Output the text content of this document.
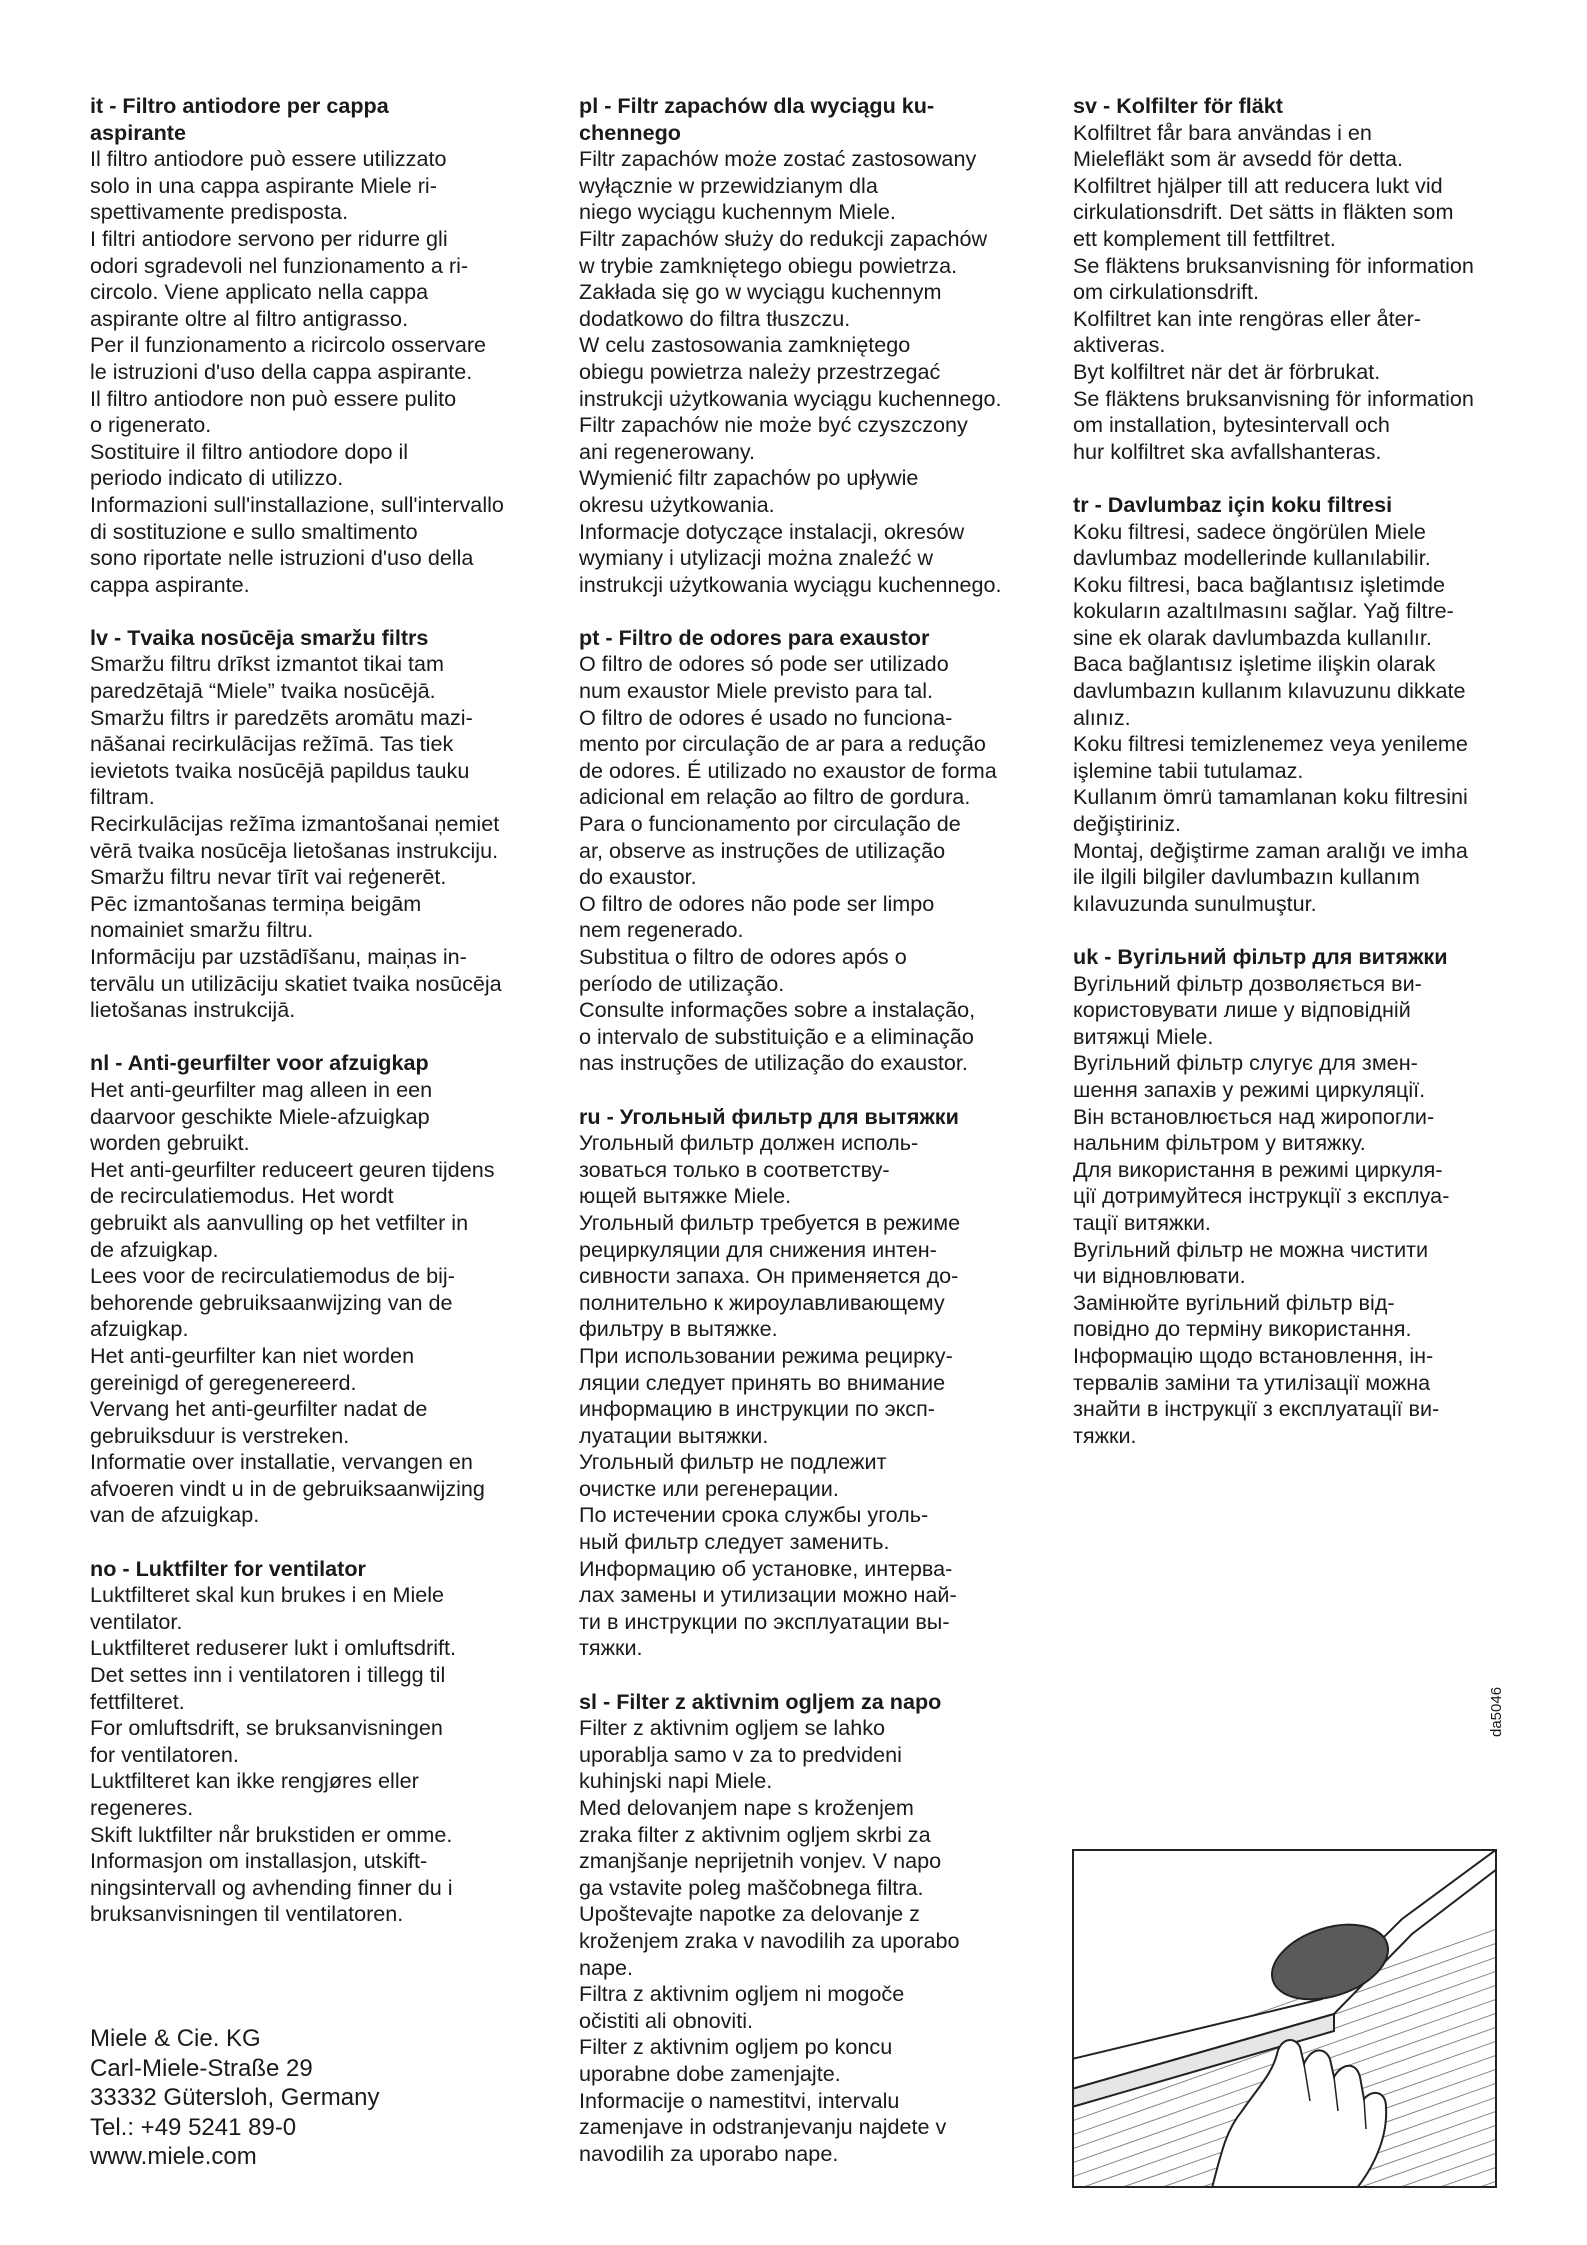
it - Filtro antiodore per cappa
aspirante
Il filtro antiodore può essere utilizzato
solo in una cappa aspirante Miele ri-
spettivamente predisposta.
I filtri antiodore servono per ridurre gli
odori sgradevoli nel funzionamento a ri-
circolo. Viene applicato nella cappa
aspirante oltre al filtro antigrasso.
Per il funzionamento a ricircolo osservare
le istruzioni d'uso della cappa aspirante.
Il filtro antiodore non può essere pulito
o rigenerato.
Sostituire il filtro antiodore dopo il
periodo indicato di utilizzo.
Informazioni sull'installazione, sull'intervallo
di sostituzione e sullo smaltimento
sono riportate nelle istruzioni d'uso della
cappa aspirante.
lv - Tvaika nosūcēja smaržu filtrs
Smaržu filtru drīkst izmantot tikai tam
paredzētajā “Miele” tvaika nosūcējā.
Smaržu filtrs ir paredzēts aromātu mazi-
nāšanai recirkulācijas režīmā. Tas tiek
ievietots tvaika nosūcējā papildus tauku
filtram.
Recirkulācijas režīma izmantošanai ņemiet
vērā tvaika nosūcēja lietošanas instrukciju.
Smaržu filtru nevar tīrīt vai reģenerēt.
Pēc izmantošanas termiņa beigām
nomainiet smaržu filtru.
Informāciju par uzstādīšanu, maiņas in-
tervālu un utilizāciju skatiet tvaika nosūcēja
lietošanas instrukcijā.
nl - Anti-geurfilter voor afzuigkap
Het anti-geurfilter mag alleen in een
daarvoor geschikte Miele-afzuigkap
worden gebruikt.
Het anti-geurfilter reduceert geuren tijdens
de recirculatiemodus. Het wordt
gebruikt als aanvulling op het vetfilter in
de afzuigkap.
Lees voor de recirculatiemodus de bij-
behorende gebruiksaanwijzing van de
afzuigkap.
Het anti-geurfilter kan niet worden
gereinigd of geregenereerd.
Vervang het anti-geurfilter nadat de
gebruiksduur is verstreken.
Informatie over installatie, vervangen en
afvoeren vindt u in de gebruiksaanwijzing
van de afzuigkap.
no - Luktfilter for ventilator
Luktfilteret skal kun brukes i en Miele
ventilator.
Luktfilteret reduserer lukt i omluftsdrift.
Det settes inn i ventilatoren i tillegg til
fettfilteret.
For omluftsdrift, se bruksanvisningen
for ventilatoren.
Luktfilteret kan ikke rengjøres eller
regeneres.
Skift luktfilter når brukstiden er omme.
Informasjon om installasjon, utskift-
ningsintervall og avhending finner du i
bruksanvisningen til ventilatoren.
pl - Filtr zapachów dla wyciągu ku-
chennego
Filtr zapachów może zostać zastosowany
wyłącznie w przewidzianym dla
niego wyciągu kuchennym Miele.
Filtr zapachów służy do redukcji zapachów
w trybie zamkniętego obiegu powietrza.
Zakłada się go w wyciągu kuchennym
dodatkowo do filtra tłuszczu.
W celu zastosowania zamkniętego
obiegu powietrza należy przestrzegać
instrukcji użytkowania wyciągu kuchennego.
Filtr zapachów nie może być czyszczony
ani regenerowany.
Wymienić filtr zapachów po upływie
okresu użytkowania.
Informacje dotyczące instalacji, okresów
wymiany i utylizacji można znaleźć w
instrukcji użytkowania wyciągu kuchennego.
pt - Filtro de odores para exaustor
O filtro de odores só pode ser utilizado
num exaustor Miele previsto para tal.
O filtro de odores é usado no funciona-
mento por circulação de ar para a redução
de odores. É utilizado no exaustor de forma
adicional em relação ao filtro de gordura.
Para o funcionamento por circulação de
ar, observe as instruções de utilização
do exaustor.
O filtro de odores não pode ser limpo
nem regenerado.
Substitua o filtro de odores após o
período de utilização.
Consulte informações sobre a instalação,
o intervalo de substituição e a eliminação
nas instruções de utilização do exaustor.
ru - Угольный фильтр для вытяжки
Угольный фильтр должен исполь-
зоваться только в соответству-
ющей вытяжке Miele.
Угольный фильтр требуется в режиме
рециркуляции для снижения интен-
сивности запаха. Он применяется до-
полнительно к жироулавливающему
фильтру в вытяжке.
При использовании режима рецирку-
ляции следует принять во внимание
информацию в инструкции по эксп-
луатации вытяжки.
Угольный фильтр не подлежит
очистке или регенерации.
По истечении срока службы уголь-
ный фильтр следует заменить.
Информацию об установке, интерва-
лах замены и утилизации можно най-
ти в инструкции по эксплуатации вы-
тяжки.
sl - Filter z aktivnim ogljem za napo
Filter z aktivnim ogljem se lahko
uporablja samo v za to predvideni
kuhinjski napi Miele.
Med delovanjem nape s kroženjem
zraka filter z aktivnim ogljem skrbi za
zmanjšanje neprijetnih vonjev. V napo
ga vstavite poleg maščobnega filtra.
Upoštevajte napotke za delovanje z
kroženjem zraka v navodilih za uporabo
nape.
Filtra z aktivnim ogljem ni mogoče
očistiti ali obnoviti.
Filter z aktivnim ogljem po koncu
uporabne dobe zamenjajte.
Informacije o namestitvi, intervalu
zamenjave in odstranjevanju najdete v
navodilih za uporabo nape.
sv - Kolfilter för fläkt
Kolfiltret får bara användas i en
Mielefläkt som är avsedd för detta.
Kolfiltret hjälper till att reducera lukt vid
cirkulationsdrift. Det sätts in fläkten som
ett komplement till fettfiltret.
Se fläktens bruksanvisning för information
om cirkulationsdrift.
Kolfiltret kan inte rengöras eller åter-
aktiveras.
Byt kolfiltret när det är förbrukat.
Se fläktens bruksanvisning för information
om installation, bytesintervall och
hur kolfiltret ska avfallshanteras.
tr - Davlumbaz için koku filtresi
Koku filtresi, sadece öngörülen Miele
davlumbaz modellerinde kullanılabilir.
Koku filtresi, baca bağlantısız işletimde
kokuların azaltılmasını sağlar. Yağ filtre-
sine ek olarak davlumbazda kullanılır.
Baca bağlantısız işletime ilişkin olarak
davlumbazın kullanım kılavuzunu dikkate
alınız.
Koku filtresi temizlenemez veya yenileme
işlemine tabii tutulamaz.
Kullanım ömrü tamamlanan koku filtresini
değiştiriniz.
Montaj, değiştirme zaman aralığı ve imha
ile ilgili bilgiler davlumbazın kullanım
kılavuzunda sunulmuştur.
uk - Вугільний фільтр для витяжки
Вугільний фільтр дозволяється ви-
користовувати лише у відповідній
витяжці Miele.
Вугільний фільтр слугує для змен-
шення запахів у режимі циркуляції.
Він встановлюється над жиропогли-
нальним фільтром у витяжку.
Для використання в режимі циркуля-
ції дотримуйтеся інструкції з експлуа-
тації витяжки.
Вугільний фільтр не можна чистити
чи відновлювати.
Замінюйте вугільний фільтр від-
повідно до терміну використання.
Інформацію щодо встановлення, ін-
тервалів заміни та утилізації можна
знайти в інструкції з експлуатації ви-
тяжки.
Miele & Cie. KG
Carl-Miele-Straße 29
33332 Gütersloh, Germany
Tel.: +49 5241 89-0
www.miele.com
da5046
